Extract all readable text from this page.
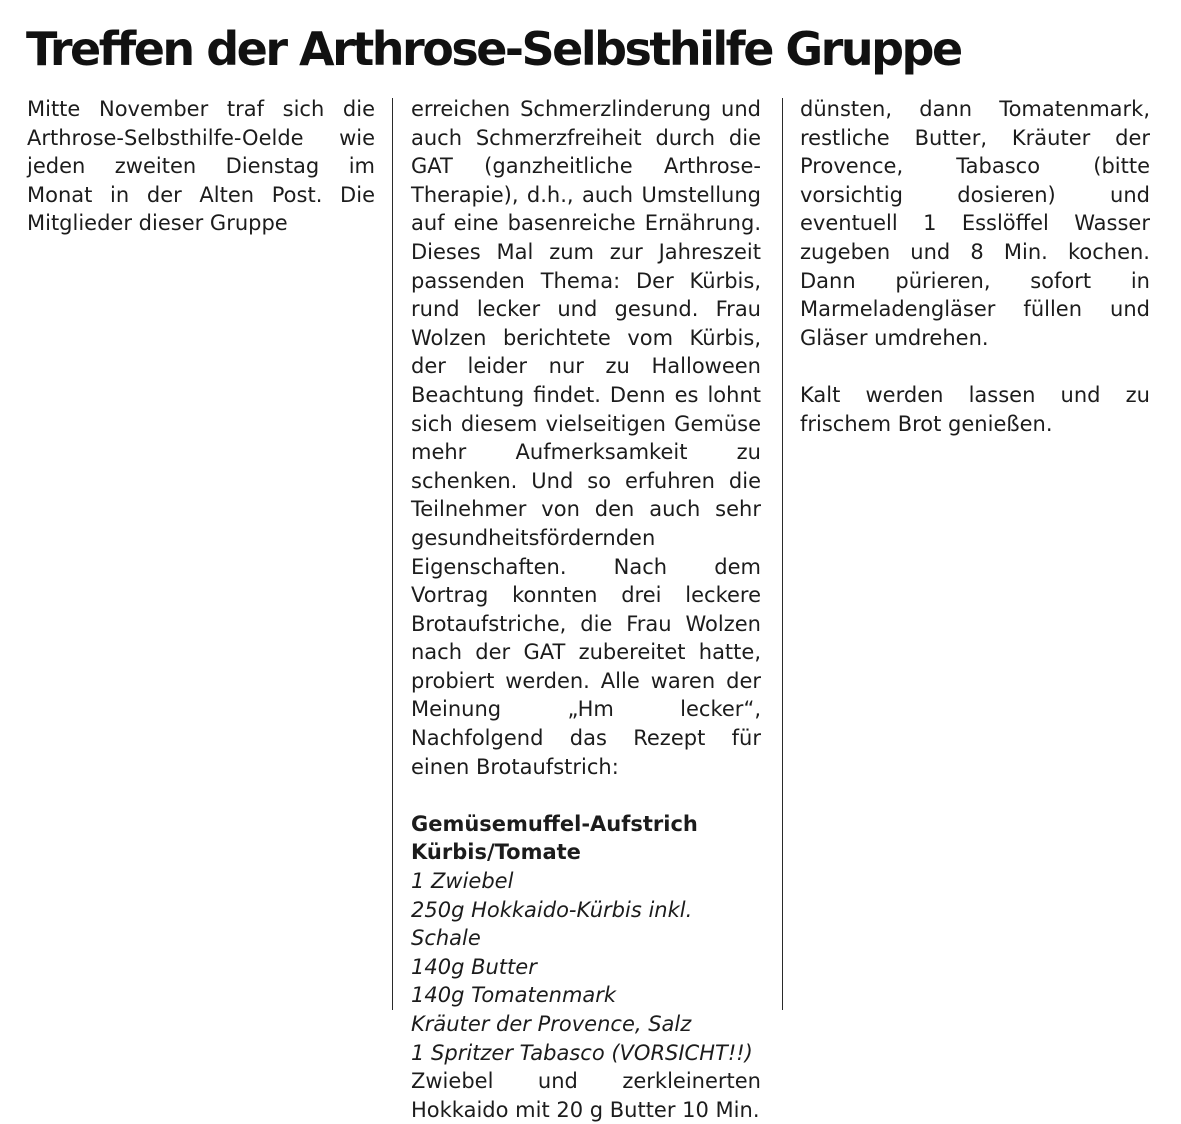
Treffen der Arthrose-Selbsthilfe Gruppe

Mitte November traf sich die Arthrose-Selbsthilfe-Oelde wie jeden zweiten Dienstag im Monat in der Alten Post. Die Mitglieder dieser Gruppe

erreichen Schmerzlinderung und auch Schmerzfreiheit durch die GAT (ganzheitliche Arthrose-Therapie), d.h., auch Umstellung auf eine basenreiche Ernährung. Dieses Mal zum zur Jahreszeit passenden Thema: Der Kürbis, rund lecker und gesund. Frau Wolzen berichtete vom Kürbis, der leider nur zu Halloween Beachtung findet. Denn es lohnt sich diesem vielseitigen Gemüse mehr Aufmerksamkeit zu schenken. Und so erfuhren die Teilnehmer von den auch sehr gesundheitsfördernden Eigenschaften. Nach dem Vortrag konnten drei leckere Brotaufstriche, die Frau Wolzen nach der GAT zubereitet hatte, probiert werden. Alle waren der Meinung „Hm lecker“, Nachfolgend das Rezept für einen Brotaufstrich:

Gemüsemuffel-Aufstrich
Kürbis/Tomate

1 Zwiebel
250g Hokkaido-Kürbis inkl. Schale
140g Butter
140g Tomatenmark
Kräuter der Provence, Salz
1 Spritzer Tabasco (VORSICHT!!)

Zwiebel und zerkleinerten Hokkaido mit 20 g Butter 10 Min.

dünsten, dann Tomatenmark, restliche Butter, Kräuter der Provence, Tabasco (bitte vorsichtig dosieren) und eventuell 1 Esslöffel Wasser zugeben und 8 Min. kochen. Dann pürieren, sofort in Marmeladengläser füllen und Gläser umdrehen.

Kalt werden lassen und zu frischem Brot genießen.
